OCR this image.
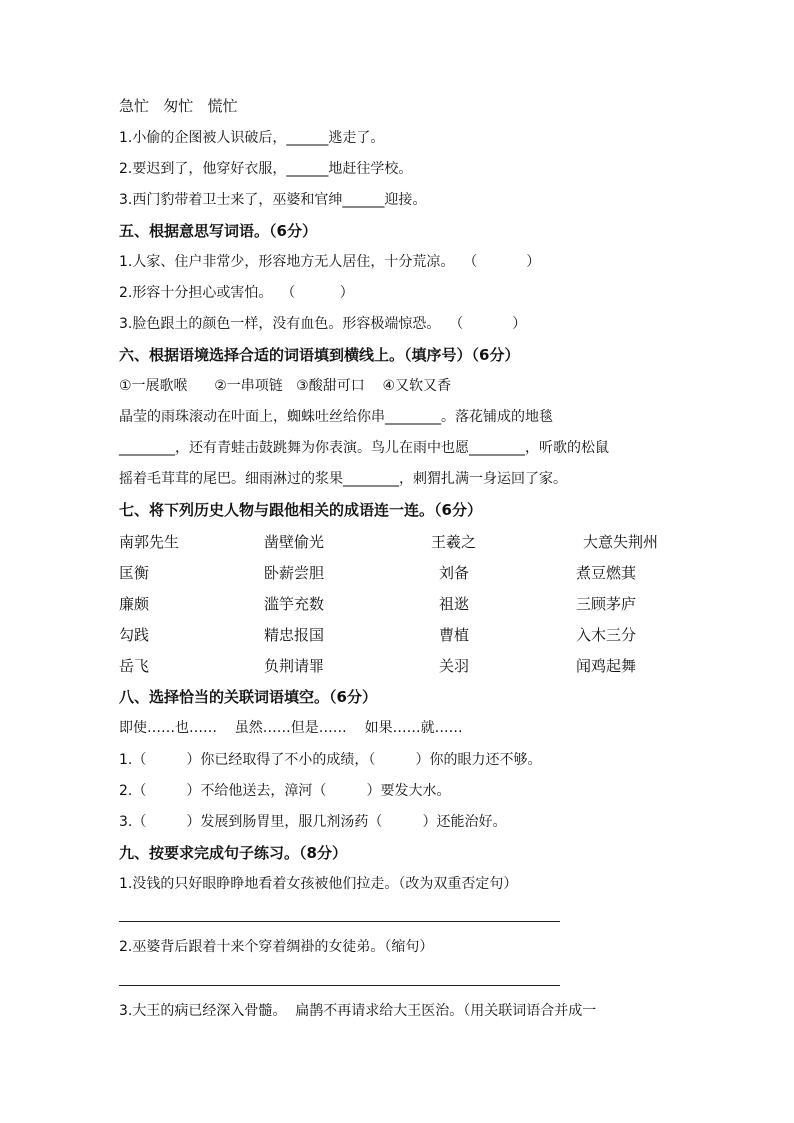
急忙   匆忙   慌忙
1.小偷的企图被人识破后，______逃走了。
2.要迟到了，他穿好衣服，______地赶往学校。
3.西门豹带着卫士来了，巫婆和官绅______迎接。
五、根据意思写词语。（6分）
1.人家、住户非常少，形容地方无人居住，十分荒凉。  （           ）
2.形容十分担心或害怕。  （          ）
3.脸色跟土的颜色一样，没有血色。形容极端惊恐。  （           ）
六、根据语境选择合适的词语填到横线上。（填序号）（6分）
①一展歌喉      ②一串项链   ③酸甜可口    ④又软又香
晶莹的雨珠滚动在叶面上，蜘蛛吐丝给你串________。落花铺成的地毯
________，还有青蛙击鼓跳舞为你表演。鸟儿在雨中也愿________，听歌的松鼠
摇着毛茸茸的尾巴。细雨淋过的浆果________，刺猬扎满一身运回了家。
七、将下列历史人物与跟他相关的成语连一连。（6分）
南郭先生	凿壁偷光	王羲之	大意失荆州
匡衡	卧薪尝胆	刘备	煮豆燃萁
廉颇	滥竽充数	祖逖	三顾茅庐
勾践	精忠报国	曹植	入木三分
岳飞	负荆请罪	关羽	闻鸡起舞
八、选择恰当的关联词语填空。（6分）
即使……也……    虽然……但是……    如果……就……
1.（         ）你已经取得了不小的成绩，（         ）你的眼力还不够。
2.（         ）不给他送去，漳河（         ）要发大水。
3.（         ）发展到肠胃里，服几剂汤药（         ）还能治好。
九、按要求完成句子练习。（8分）
1.没钱的只好眼睁睁地看着女孩被他们拉走。（改为双重否定句）
2.巫婆背后跟着十来个穿着绸褂的女徒弟。（缩句）
3.大王的病已经深入骨髓。  扁鹊不再请求给大王医治。（用关联词语合并成一
